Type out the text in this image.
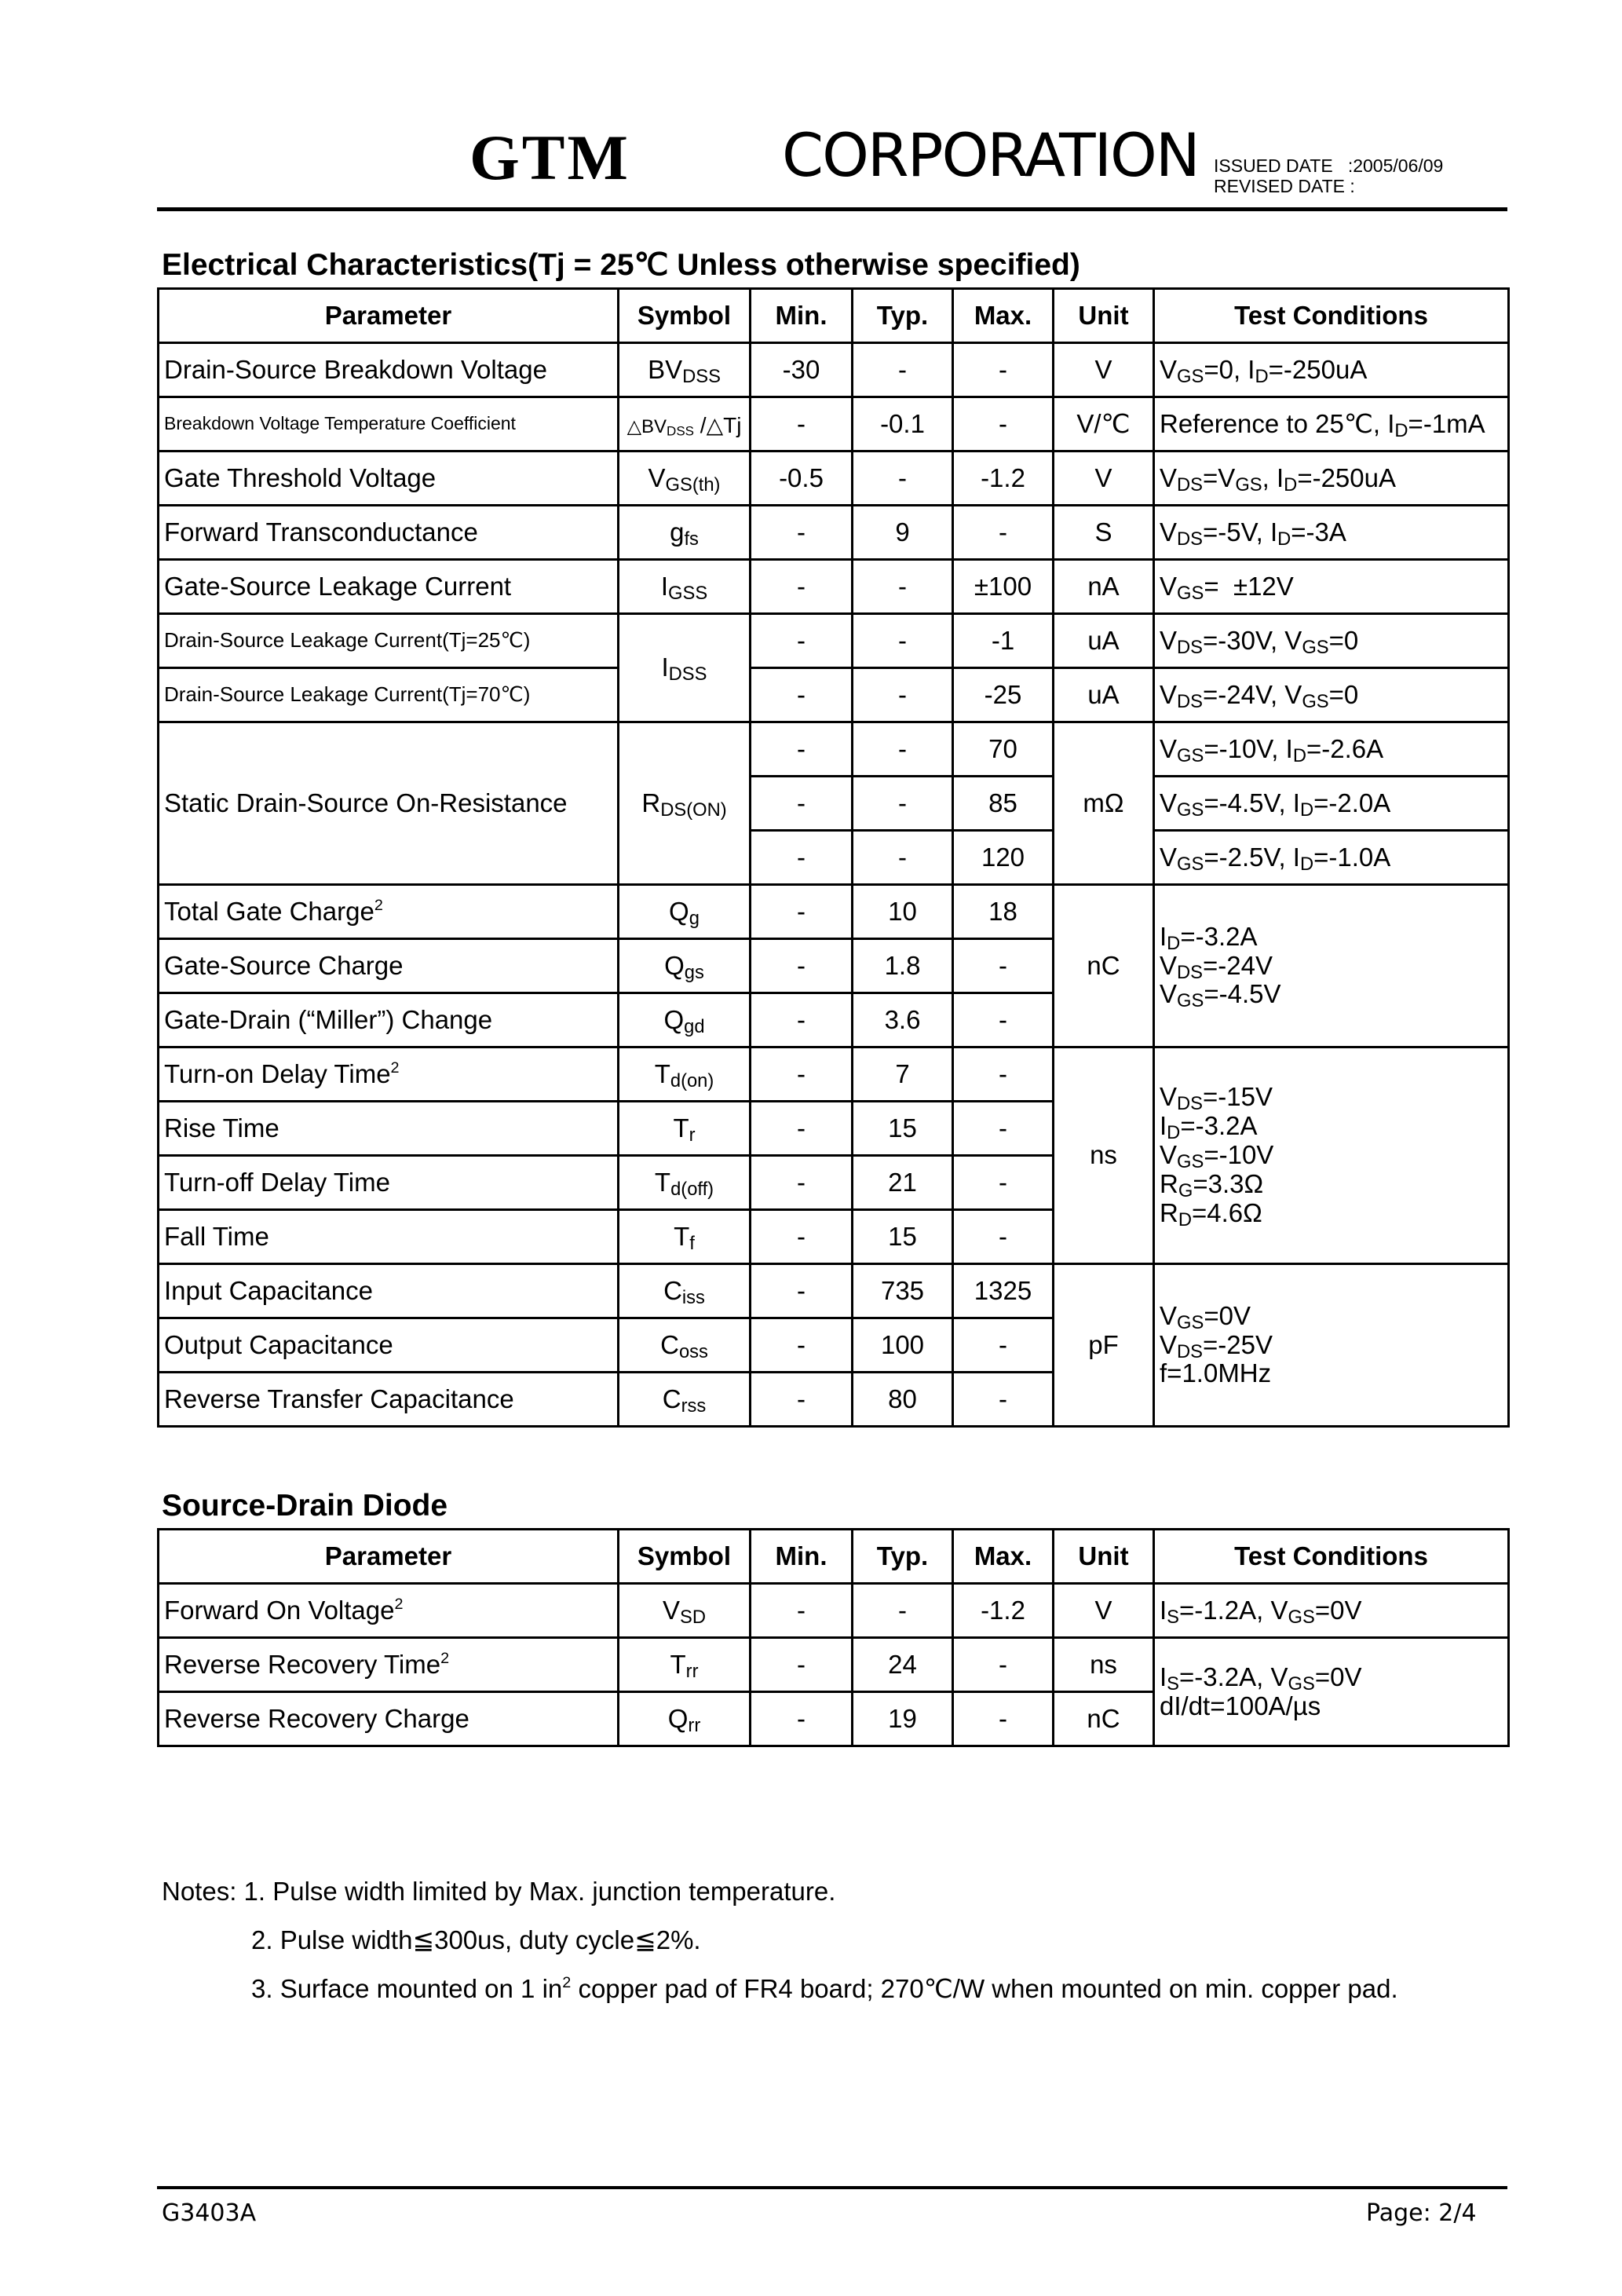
GTM	CORPORATION ISSUED DATE :2005/06/09
REVISED DATE :
Electrical Characteristics(Tj = 25℃ Unless otherwise specified)
Parameter	Symbol	Min.	Typ.	Max.	Unit	Test Conditions
Drain-Source Breakdown Voltage	$BV_{DSS}$	-30	-	-	V	$V_{GS}=0$, $I_D=-250uA$
Breakdown Voltage Temperature Coefficient	$\triangle BV_{DSS}$ /△Tj	-	-0.1	-	V/℃	Reference to 25℃, $I_D=-1mA$
Gate Threshold Voltage	$V_{GS(th)}$	-0.5	-	-1.2	V	$V_{DS}=V_{GS}$, $I_D=-250uA$
Forward Transconductance	$g_{fs}$	-	9	-	S	$V_{DS}=-5V$, $I_D=-3A$
Gate-Source Leakage Current	$I_{GSS}$	-	-	±100	nA	$V_{GS}= \pm 12V$
Drain-Source Leakage Current(Tj=25℃)	$I_{DSS}$	-	-	-1	uA	$V_{DS}=-30V$, $V_{GS}=0$
Drain-Source Leakage Current(Tj=70℃)		-	-	-25	uA	$V_{DS}=-24V$, $V_{GS}=0$
Static Drain-Source On-Resistance	$R_{DS(ON)}$	-	-	70	mΩ	$V_{GS}=-10V$, $I_D=-2.6A$
		-	-	85		$V_{GS}=-4.5V$, $I_D=-2.0A$
		-	-	120		$V_{GS}=-2.5V$, $I_D=-1.0A$
Total Gate Charge$^2$	$Q_g$	-	10	18	nC	$I_D=-3.2A$
$V_{DS}=-24V$
$V_{GS}=-4.5V$

Gate-Source Charge	$Q_{gs}$	-	1.8	-		
Gate-Drain (“Miller”) Change	$Q_{gd}$	-	3.6	-		
Turn-on Delay Time$^2$	$T_{d(on)}$	-	7	-	ns	$V_{DS}=-15V$
$I_D=-3.2A$
$V_{GS}=-10V$
$R_G=3.3\Omega$
$R_D=4.6\Omega$

Rise Time	$T_r$	-	15	-		
Turn-off Delay Time	$T_{d(off)}$	-	21	-		
Fall Time	$T_f$	-	15	-		
Input Capacitance	$C_{iss}$	-	735	1325	pF	$V_{GS}=0V$
$V_{DS}=-25V$
f=1.0MHz

Output Capacitance	$C_{oss}$	-	100	-		
Reverse Transfer Capacitance	$C_{rss}$	-	80	-		
Source-Drain Diode
Parameter	Symbol	Min.	Typ.	Max.	Unit	Test Conditions
Forward On Voltage$^2$	$V_{SD}$	-	-	-1.2	V	$I_S=-1.2A$, $V_{GS}=0V$
Reverse Recovery Time$^2$	$T_{rr}$	-	24	-	ns	$I_S=-3.2A$, $V_{GS}=0V$
dI/dt=100A/µs

Reverse Recovery Charge	$Q_{rr}$	-	19	-	nC	
Notes: 1. Pulse width limited by Max. junction temperature.
2. Pulse width≦300us, duty cycle≦2%.
3. Surface mounted on 1 $in^2$ copper pad of FR4 board; 270℃/W when mounted on min. copper pad.
G3403A	Page: 2/4
